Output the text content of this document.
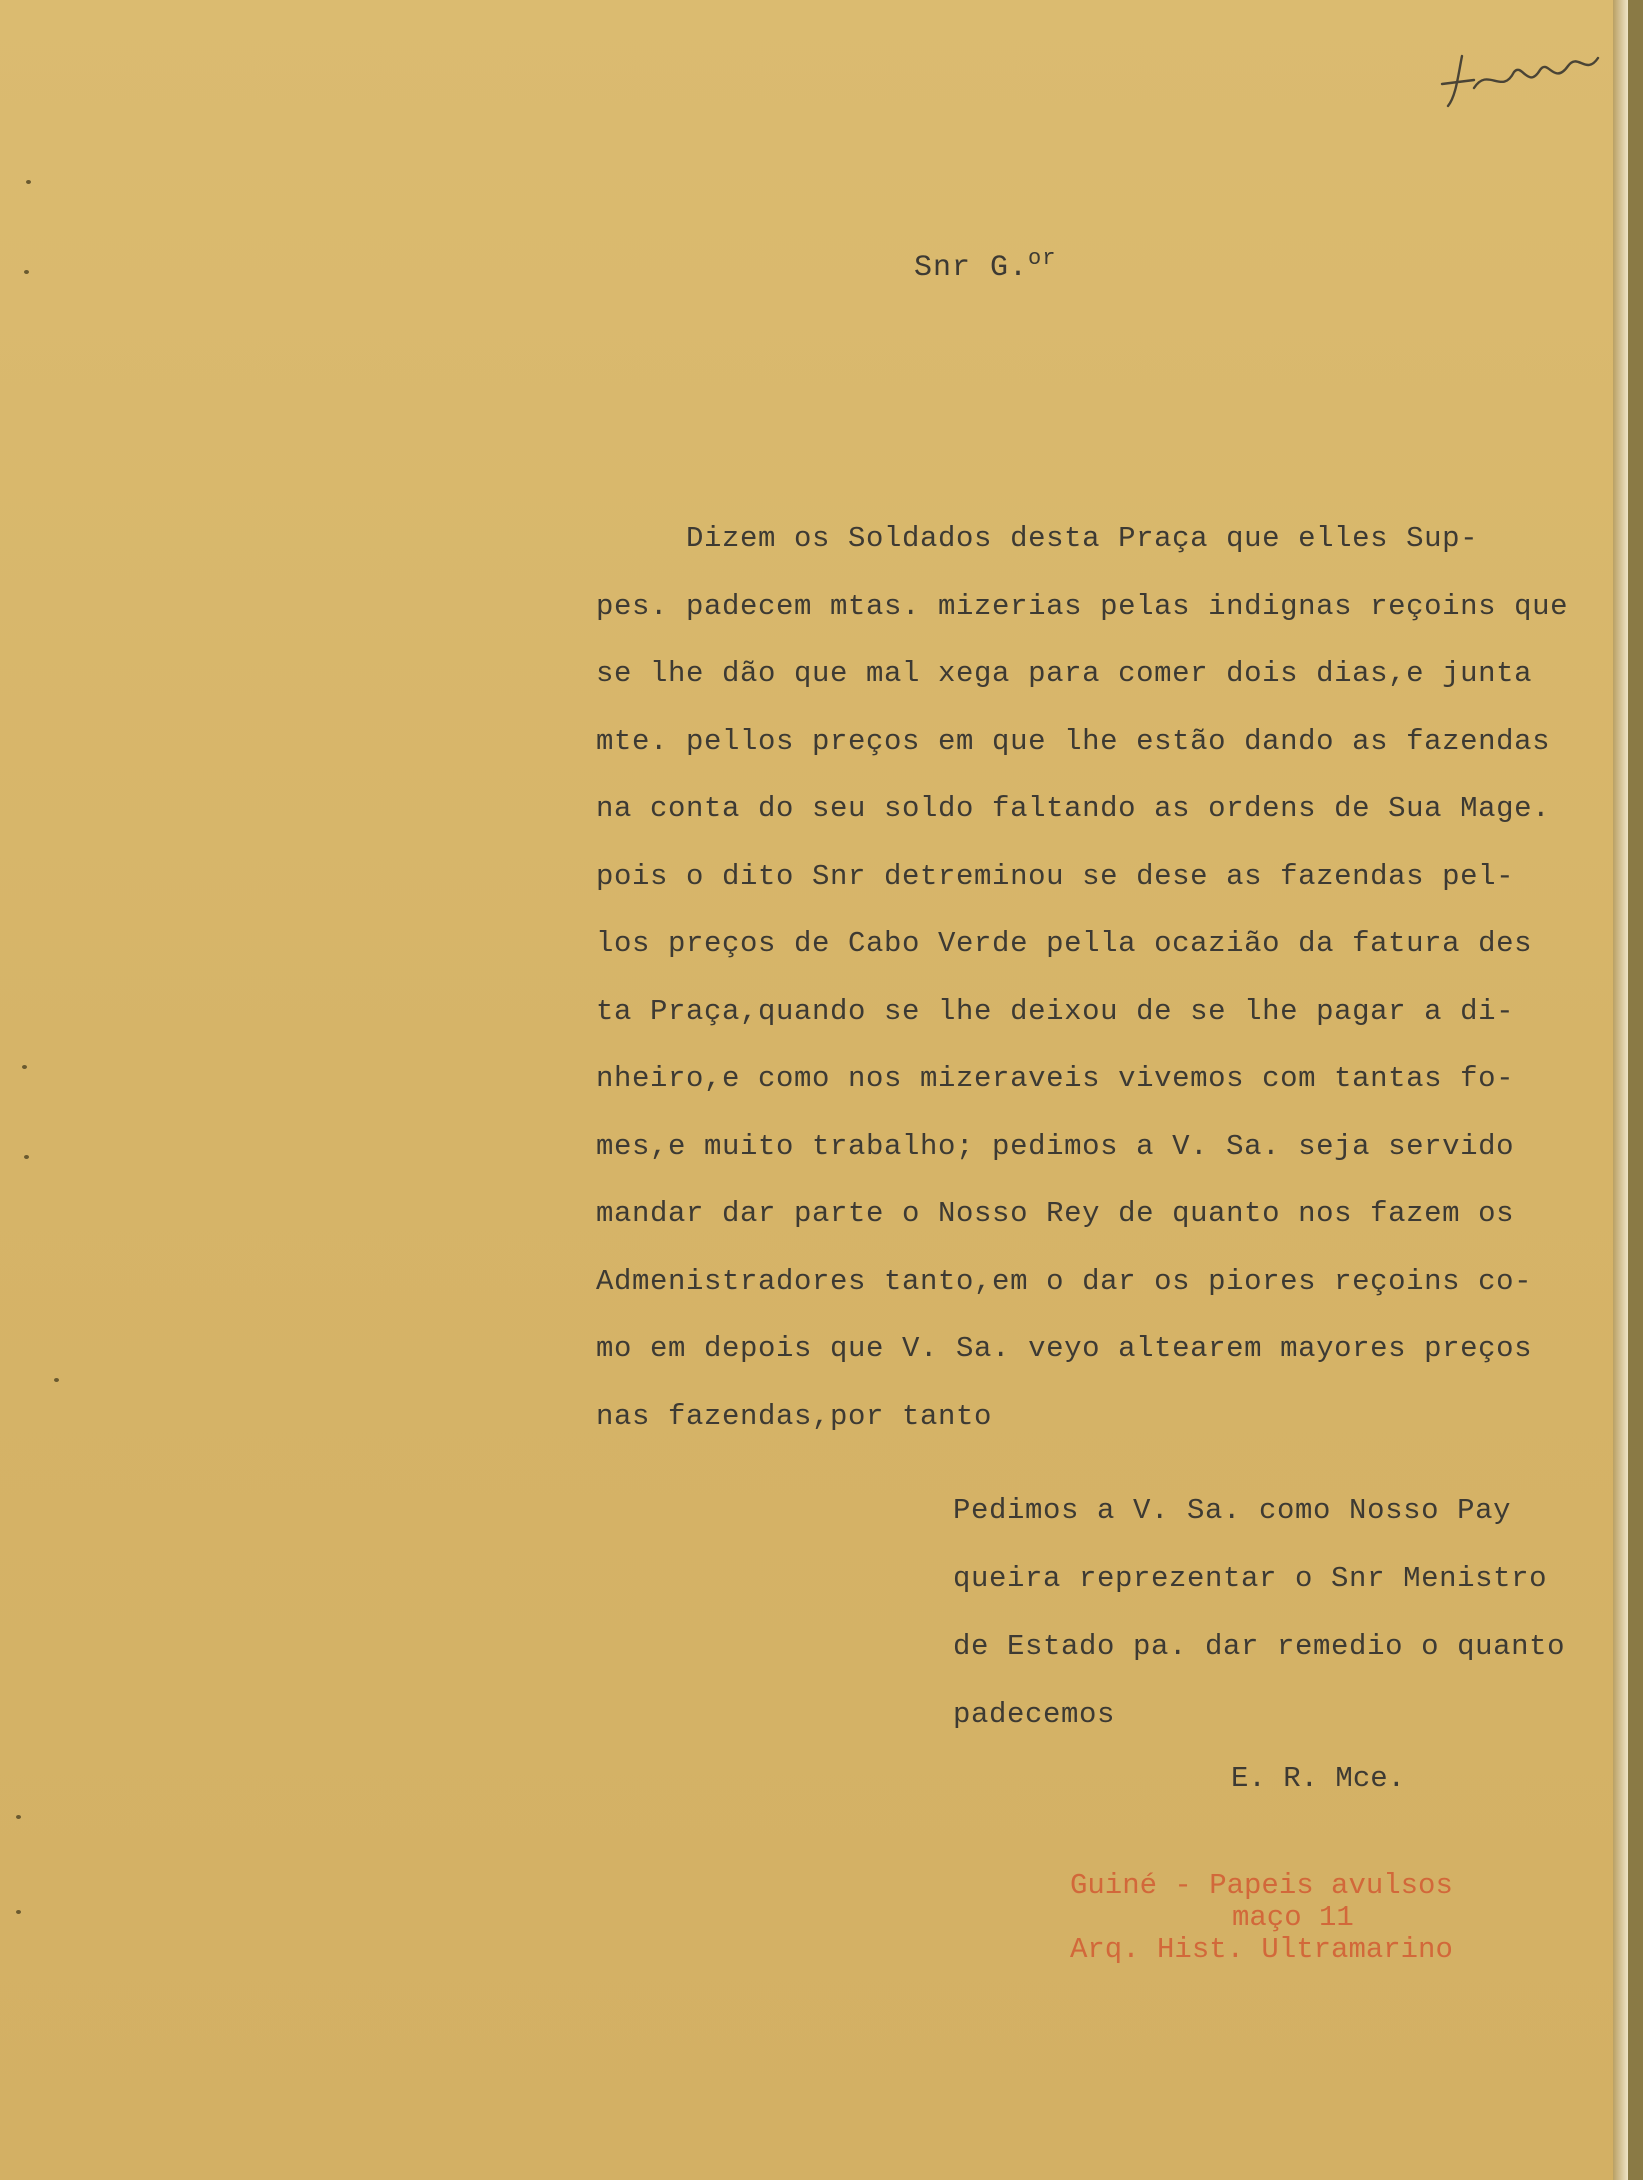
Snr G.$^{or}$
Dizem os Soldados desta Praça que elles Sup-
pes. padecem mtas. mizerias pelas indignas reçoins que
se lhe dão que mal xega para comer dois dias,e junta
mte. pellos preços em que lhe estão dando as fazendas
na conta do seu soldo faltando as ordens de Sua Mage.
pois o dito Snr detreminou se dese as fazendas pel-
los preços de Cabo Verde pella ocazião da fatura des
ta Praça,quando se lhe deixou de se lhe pagar a di-
nheiro,e como nos mizeraveis vivemos com tantas fo-
mes,e muito trabalho; pedimos a V. Sa. seja servido
mandar dar parte o Nosso Rey de quanto nos fazem os
Admenistradores tanto,em o dar os piores reçoins co-
mo em depois que V. Sa. veyo altearem mayores preços
nas fazendas,por tanto
Pedimos a V. Sa. como Nosso Pay
queira reprezentar o Snr Menistro
de Estado pa. dar remedio o quanto
padecemos
E. R. Mce.
Guiné - Papeis avulsos
maço 11
Arq. Hist. Ultramarino
